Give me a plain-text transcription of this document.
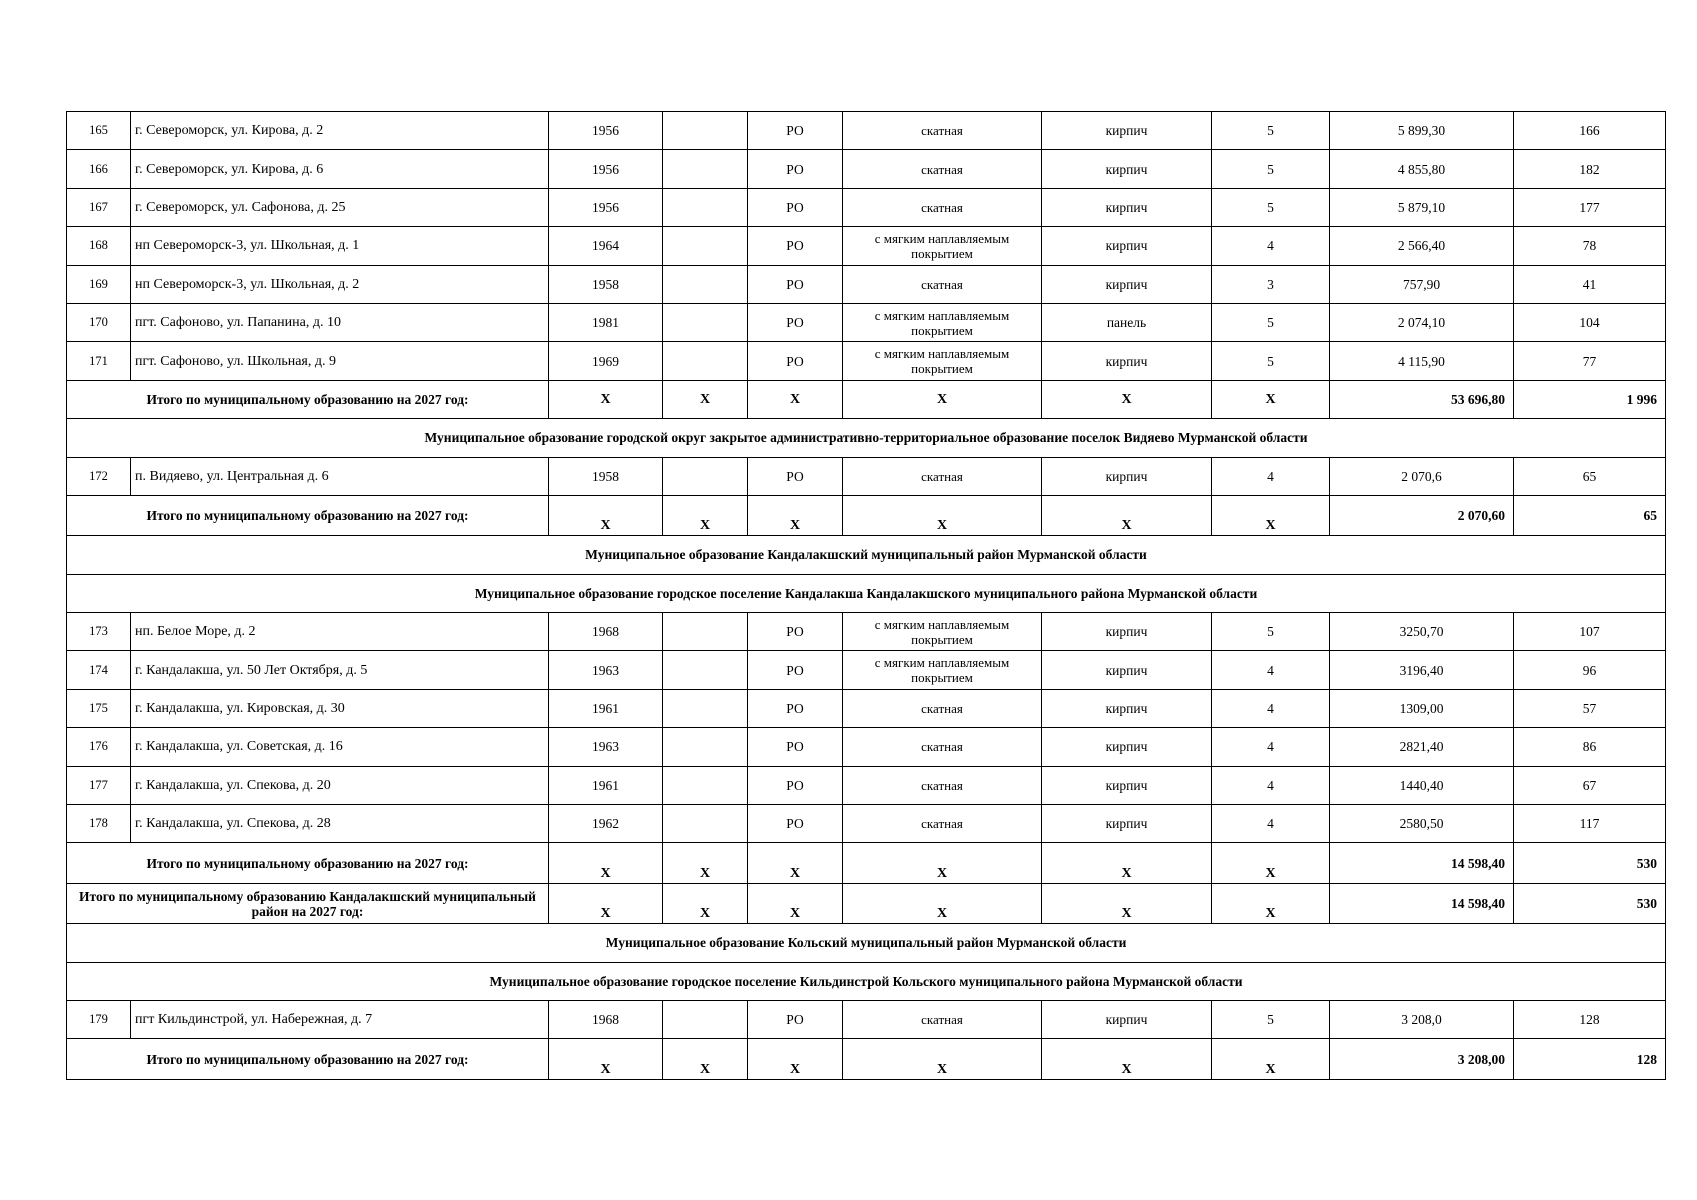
165	г. Североморск, ул. Кирова, д. 2	1956		РО	скатная	кирпич	5	5 899,30	166
166	г. Североморск, ул. Кирова, д. 6	1956		РО	скатная	кирпич	5	4 855,80	182
167	г. Североморск, ул. Сафонова, д. 25	1956		РО	скатная	кирпич	5	5 879,10	177
168	нп Североморск-3, ул. Школьная, д. 1	1964		РО	с мягким наплавляемым покрытием	кирпич	4	2 566,40	78
169	нп Североморск-3, ул. Школьная, д. 2	1958		РО	скатная	кирпич	3	757,90	41
170	пгт. Сафоново, ул. Папанина, д. 10	1981		РО	с мягким наплавляемым покрытием	панель	5	2 074,10	104
171	пгт. Сафоново, ул. Школьная, д. 9	1969		РО	с мягким наплавляемым покрытием	кирпич	5	4 115,90	77
Итого по муниципальному образованию на 2027 год:		X	X	X	X	X	X	53 696,80	1 996
Муниципальное образование городской округ закрытое административно-территориальное образование поселок Видяево Мурманской области									
172	п. Видяево, ул. Центральная д. 6	1958		РО	скатная	кирпич	4	2 070,6	65
Итого по муниципальному образованию на 2027 год:		X	X	X	X	X	X	2 070,60	65
Муниципальное образование Кандалакшский муниципальный район Мурманской области									
Муниципальное образование городское поселение Кандалакша Кандалакшского муниципального района Мурманской области									
173	нп. Белое Море, д. 2	1968		РО	с мягким наплавляемым покрытием	кирпич	5	3250,70	107
174	г. Кандалакша, ул. 50 Лет Октября, д. 5	1963		РО	с мягким наплавляемым покрытием	кирпич	4	3196,40	96
175	г. Кандалакша, ул. Кировская, д. 30	1961		РО	скатная	кирпич	4	1309,00	57
176	г. Кандалакша, ул. Советская, д. 16	1963		РО	скатная	кирпич	4	2821,40	86
177	г. Кандалакша, ул. Спекова, д. 20	1961		РО	скатная	кирпич	4	1440,40	67
178	г. Кандалакша, ул. Спекова, д. 28	1962		РО	скатная	кирпич	4	2580,50	117
Итого по муниципальному образованию на 2027 год:		X	X	X	X	X	X	14 598,40	530
Итого по муниципальному образованию Кандалакшский муниципальный район на 2027 год:		X	X	X	X	X	X	14 598,40	530
Муниципальное образование Кольский муниципальный район Мурманской области									
Муниципальное образование городское поселение Кильдинстрой Кольского муниципального района Мурманской области									
179	пгт Кильдинстрой, ул. Набережная, д. 7	1968		РО	скатная	кирпич	5	3 208,0	128
Итого по муниципальному образованию на 2027 год:		X	X	X	X	X	X	3 208,00	128
